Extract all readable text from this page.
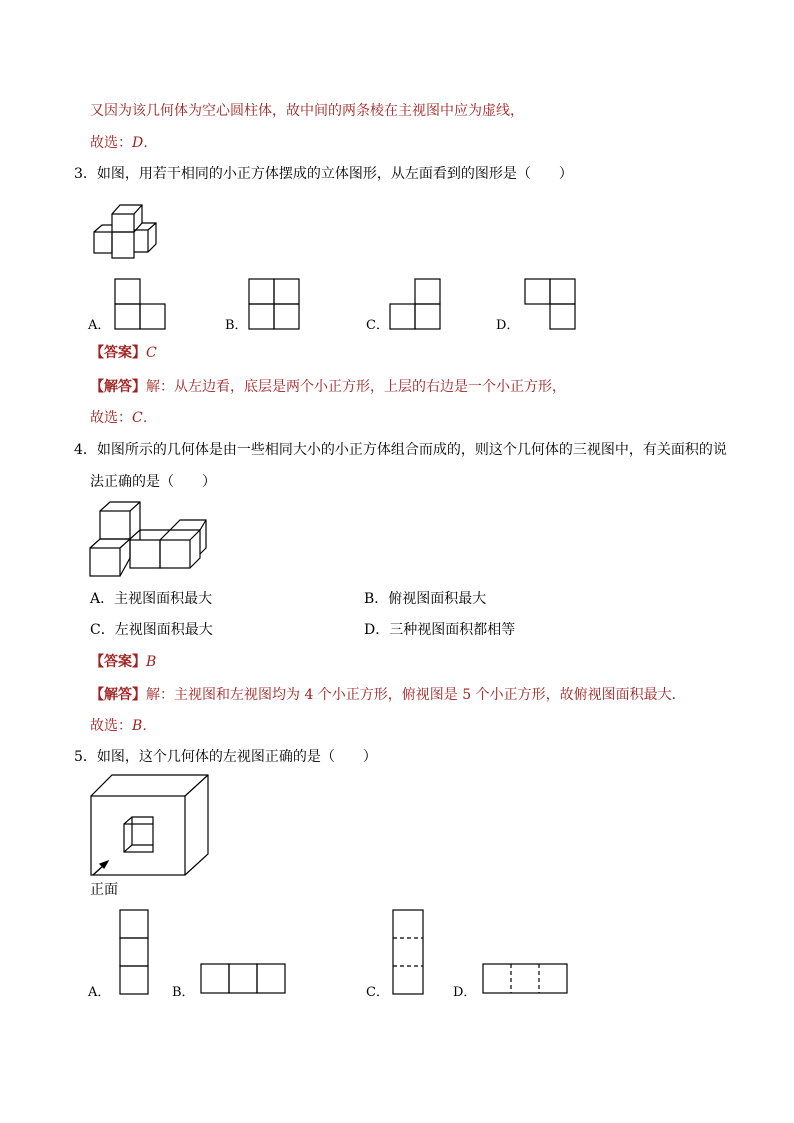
又因为该几何体为空心圆柱体，故中间的两条棱在主视图中应为虚线，
故选：D．
3．如图，用若干相同的小正方体摆成的立体图形，从左面看到的图形是（　　）
A．	B．	C．	D．
【答案】C
【解答】解：从左边看，底层是两个小正方形，上层的右边是一个小正方形，
故选：C．
4．如图所示的几何体是由一些相同大小的小正方体组合而成的，则这个几何体的三视图中，有关面积的说
法正确的是（　　）
A．主视图面积最大	B．俯视图面积最大
C．左视图面积最大	D．三种视图面积都相等
【答案】B
【解答】解：主视图和左视图均为 4 个小正方形，俯视图是 5 个小正方形，故俯视图面积最大．
故选：B．
5．如图，这个几何体的左视图正确的是（　　）
正面
A．	B．	C．	D．
